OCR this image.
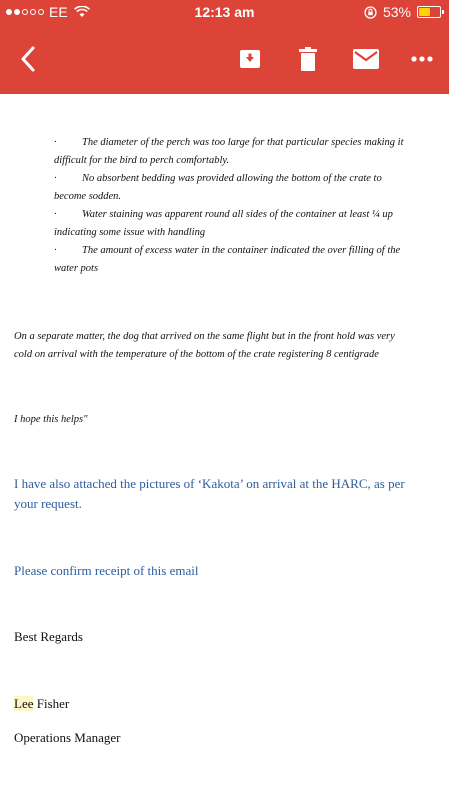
EE	12:13 am	53%
· The diameter of the perch was too large for that particular species making it
difficult for the bird to perch comfortably.
· No absorbent bedding was provided allowing the bottom of the crate to
become sodden.
· Water staining was apparent round all sides of the container at least ¼ up
indicating some issue with handling
· The amount of excess water in the container indicated the over filling of the
water pots
On a separate matter, the dog that arrived on the same flight but in the front hold was very
cold on arrival with the temperature of the bottom of the crate registering 8 centigrade
I hope this helps"
I have also attached the pictures of ‘Kakota’ on arrival at the HARC, as per
your request.
Please confirm receipt of this email
Best Regards
Lee Fisher
Operations Manager
